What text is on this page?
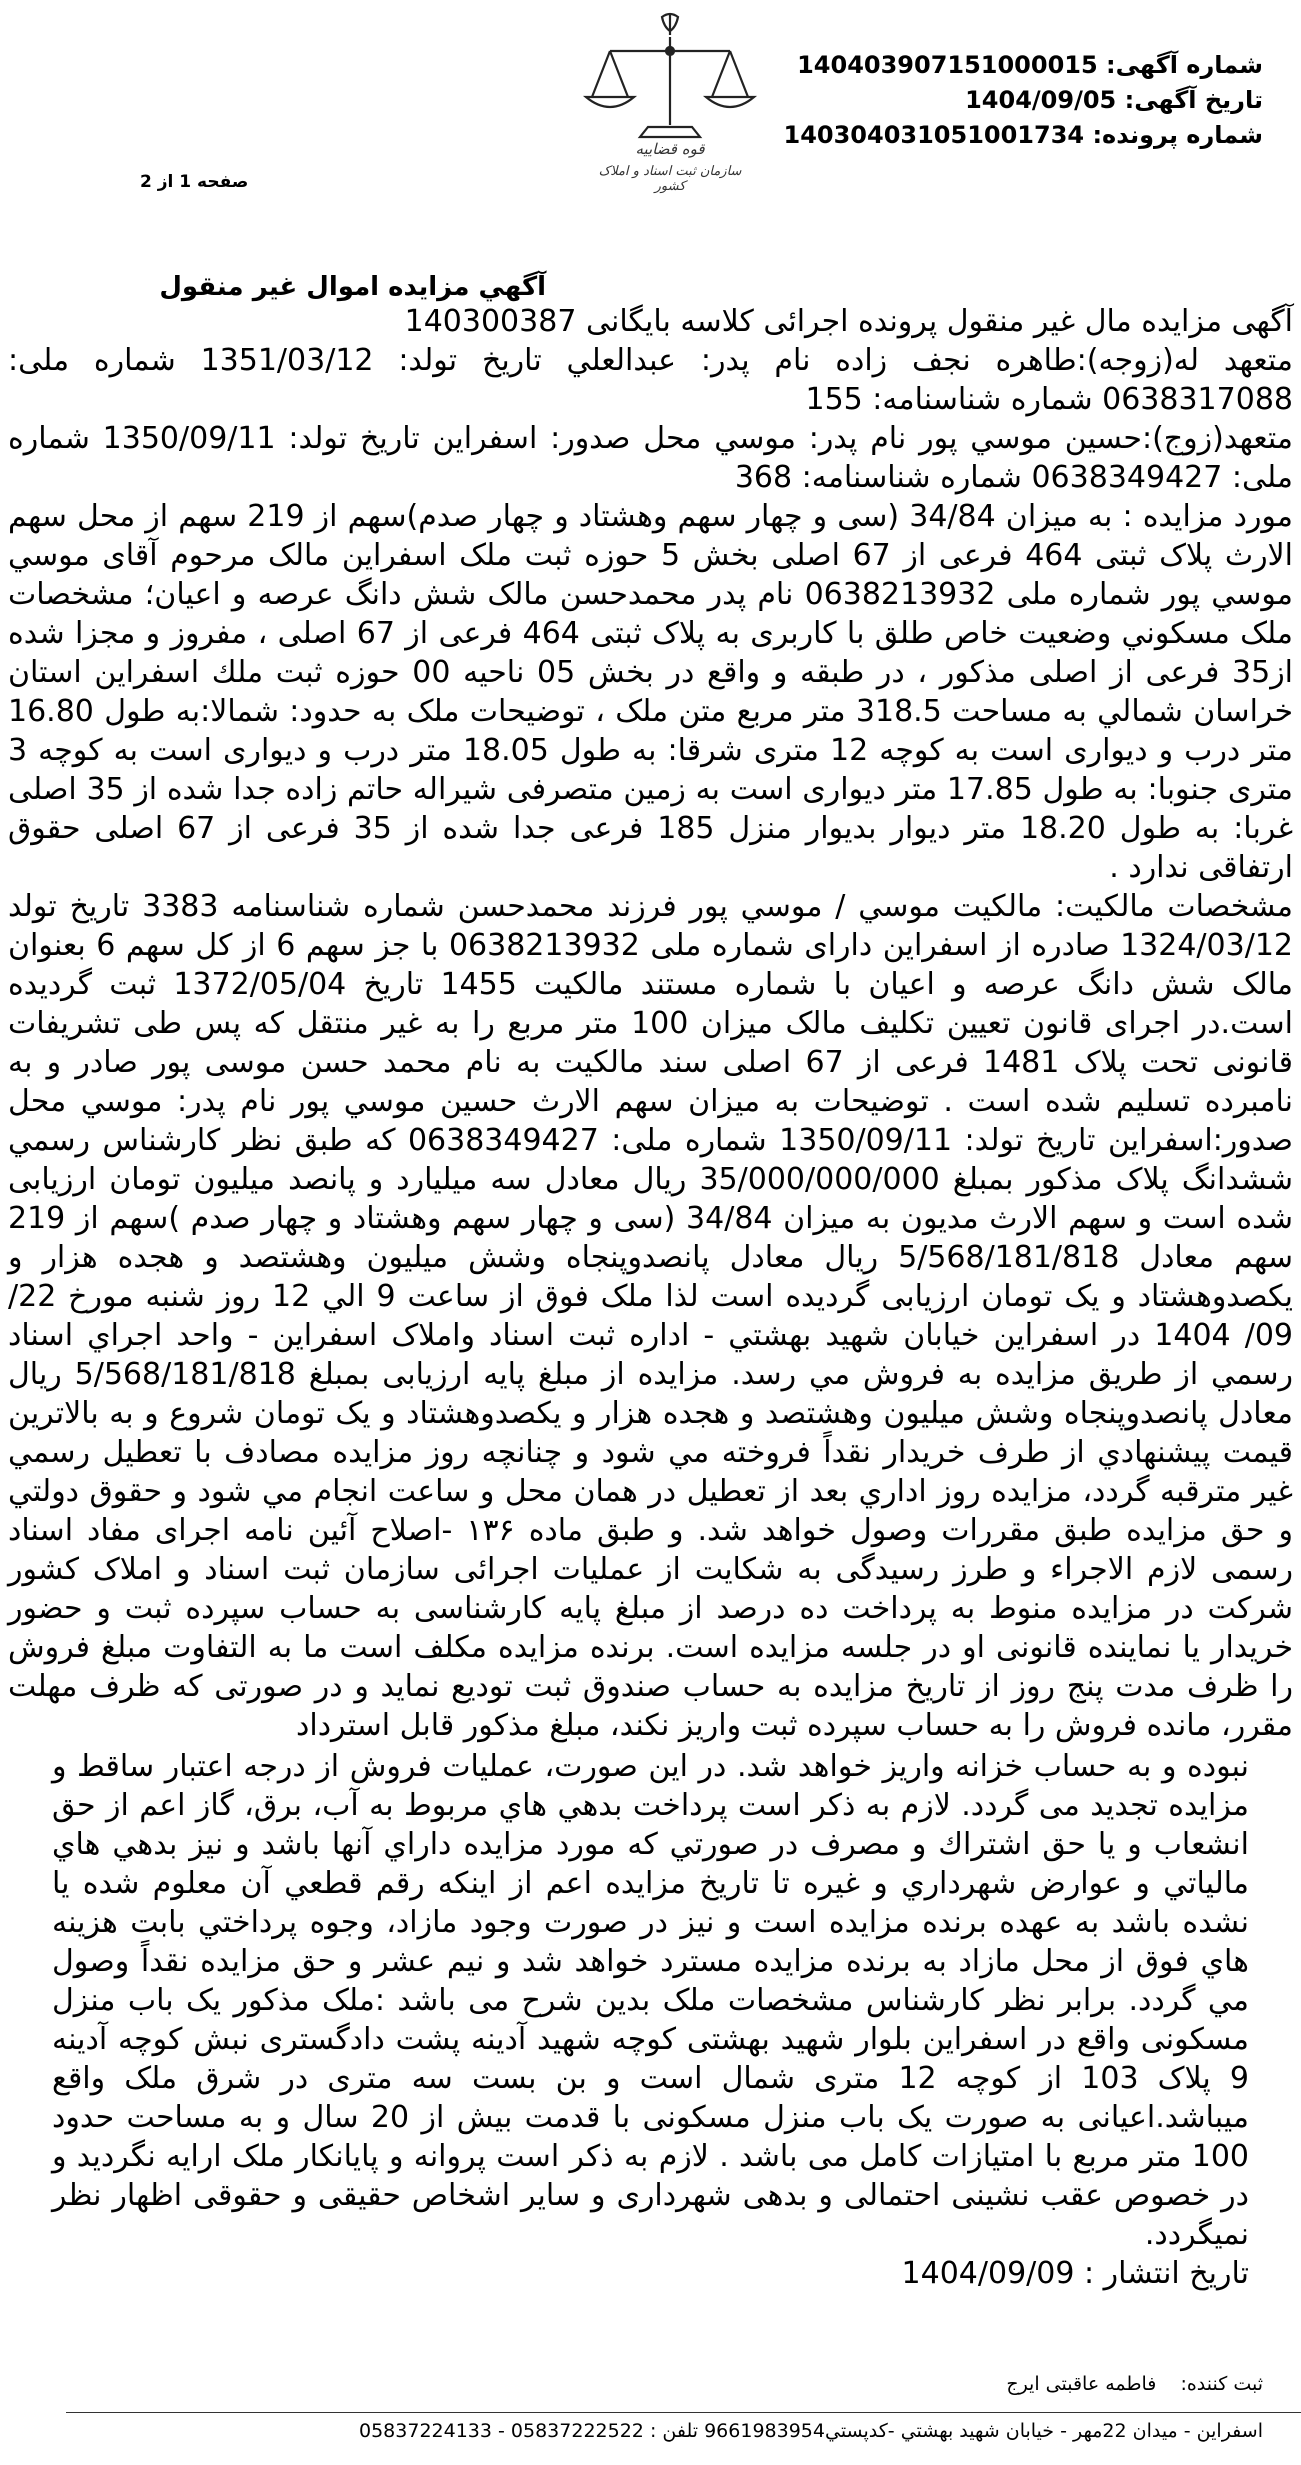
شماره آگهی: 140403907151000015
تاریخ آگهی: 1404/09/05
شماره پرونده: 140304031051001734
قوه قضاییه
سازمان ثبت اسناد و املاک کشور
صفحه 1 از 2
آگهي مزايده اموال غير منقول

آگهی مزایده مال غیر منقول پرونده اجرائی کلاسه بایگانی 140300387

متعهد له(زوجه):طاهره نجف زاده نام پدر: عبدالعلي تاريخ تولد: 1351/03/12 شماره ملی: 0638317088 شماره شناسنامه: 155

متعهد(زوج):حسين موسي پور نام پدر: موسي محل صدور: اسفراين تاريخ تولد: 1350/09/11 شماره ملی: 0638349427 شماره شناسنامه: 368

مورد مزایده : به میزان 34/84 (سی و چهار سهم وهشتاد و چهار صدم)سهم از 219 سهم از محل سهم الارث پلاک ثبتی 464 فرعی از 67 اصلی بخش 5 حوزه ثبت ملک اسفراین مالک مرحوم آقای موسي موسي پور شماره ملی 0638213932 نام پدر محمدحسن مالک شش دانگ عرصه و اعیان؛ مشخصات ملک مسکوني وضعيت خاص طلق با کاربری به پلاک ثبتی 464 فرعی از 67 اصلی ، مفروز و مجزا شده از35 فرعی از اصلی مذکور ، در طبقه و واقع در بخش 05 ناحیه 00 حوزه ثبت ملك اسفراین استان خراسان شمالي به مساحت 318.5 متر مربع متن ملک ، توضیحات ملک به حدود: شمالا:به طول 16.80 متر درب و دیواری است به کوچه 12 متری شرقا: به طول 18.05 متر درب و دیواری است به کوچه 3 متری جنوبا: به طول 17.85 متر دیواری است به زمین متصرفی شیراله حاتم زاده جدا شده از 35 اصلی غربا: به طول 18.20 متر دیوار بدیوار منزل 185 فرعی جدا شده از 35 فرعی از 67 اصلی حقوق ارتفاقی ندارد .

مشخصات مالکیت: مالکیت موسي / موسي پور فرزند محمدحسن شماره شناسنامه 3383 تاریخ تولد 1324/03/12 صادره از اسفراین دارای شماره ملی 0638213932 با جز سهم 6 از کل سهم 6 بعنوان مالک شش دانگ عرصه و اعیان با شماره مستند مالکیت 1455 تاریخ 1372/05/04 ثبت گردیده است.در اجرای قانون تعیین تکلیف مالک میزان 100 متر مربع را به غیر منتقل که پس طی تشریفات قانونی تحت پلاک 1481 فرعی از 67 اصلی سند مالکیت به نام محمد حسن موسی پور صادر و به نامبرده تسلیم شده است . توضیحات به میزان سهم الارث حسين موسي پور نام پدر: موسي محل صدور:اسفراين تاريخ تولد: 1350/09/11 شماره ملی: 0638349427 که طبق نظر کارشناس رسمي ششدانگ پلاک مذکور بمبلغ 35/000/000/000 ریال معادل سه میلیارد و پانصد میلیون تومان ارزیابی شده است و سهم الارث مدیون به میزان 34/84 (سی و چهار سهم وهشتاد و چهار صدم )سهم از 219 سهم معادل 5/568/181/818 ریال معادل پانصدوپنجاه وشش میلیون وهشتصد و هجده هزار و یکصدوهشتاد و یک تومان ارزیابی گردیده است لذا ملک فوق از ساعت 9 الي 12 روز شنبه مورخ 22/ 09/ 1404 در اسفراین خیابان شهید بهشتي - اداره ثبت اسناد واملاک اسفراین - واحد اجراي اسناد رسمي از طريق مزايده به فروش مي رسد. مزایده از مبلغ پایه ارزیابی بمبلغ 5/568/181/818 ریال معادل پانصدوپنجاه وشش میلیون وهشتصد و هجده هزار و یکصدوهشتاد و یک تومان شروع و به بالاترين قيمت پيشنهادي از طرف خريدار نقداً فروخته مي شود و چنانچه روز مزايده مصادف با تعطيل رسمي غير مترقبه گردد، مزايده روز اداري بعد از تعطيل در همان محل و ساعت انجام مي شود و حقوق دولتي و حق مزايده طبق مقررات وصول خواهد شد. و طبق ماده ۱۳۶ -اصلاح آئین نامه اجرای مفاد اسناد رسمی لازم الاجراء و طرز رسیدگی به شکایت از عملیات اجرائی سازمان ثبت اسناد و املاک کشور شرکت در مزایده منوط به پرداخت ده درصد از مبلغ پایه کارشناسی به حساب سپرده ثبت و حضور خریدار یا نماینده قانونی او در جلسه مزایده است. برنده مزایده مکلف است ما به التفاوت مبلغ فروش را ظرف مدت پنج روز از تاریخ مزایده به حساب صندوق ثبت تودیع نماید و در صورتی که ظرف مهلت مقرر، مانده فروش را به حساب سپرده ثبت واریز نکند، مبلغ مذکور قابل استرداد

نبوده و به حساب خزانه واریز خواهد شد. در این صورت، عملیات فروش از درجه اعتبار ساقط و مزایده تجدید می گردد. لازم به ذکر است پرداخت بدهي هاي مربوط به آب، برق، گاز اعم از حق انشعاب و یا حق اشتراك و مصرف در صورتي که مورد مزايده داراي آنها باشد و نيز بدهي هاي مالياتي و عوارض شهرداري و غيره تا تاريخ مزايده اعم از اينکه رقم قطعي آن معلوم شده يا نشده باشد به عهده برنده مزايده است و نيز در صورت وجود مازاد، وجوه پرداختي بابت هزينه هاي فوق از محل مازاد به برنده مزايده مسترد خواهد شد و نیم عشر و حق مزایده نقداً وصول مي گردد. برابر نظر کارشناس مشخصات ملک بدین شرح می باشد :ملک مذکور یک باب منزل مسکونی واقع در اسفراین بلوار شهید بهشتی کوچه شهید آدینه پشت دادگستری نبش کوچه آدینه 9 پلاک 103 از کوچه 12 متری شمال است و بن بست سه متری در شرق ملک واقع میباشد.اعیانی به صورت یک باب منزل مسکونی با قدمت بیش از 20 سال و به مساحت حدود 100 متر مربع با امتیازات کامل می باشد . لازم به ذکر است پروانه و پایانکار ملک ارایه نگردید و در خصوص عقب نشینی احتمالی و بدهی شهرداری و سایر اشخاص حقیقی و حقوقی اظهار نظر نمیگردد.

تاریخ انتشار : 1404/09/09

ثبت كننده: فاطمه عاقبتی ایرج
اسفراين - ميدان 22مهر - خيابان شهيد بهشتي -کدپستي9661983954 تلفن : 05837222522 - 05837224133
